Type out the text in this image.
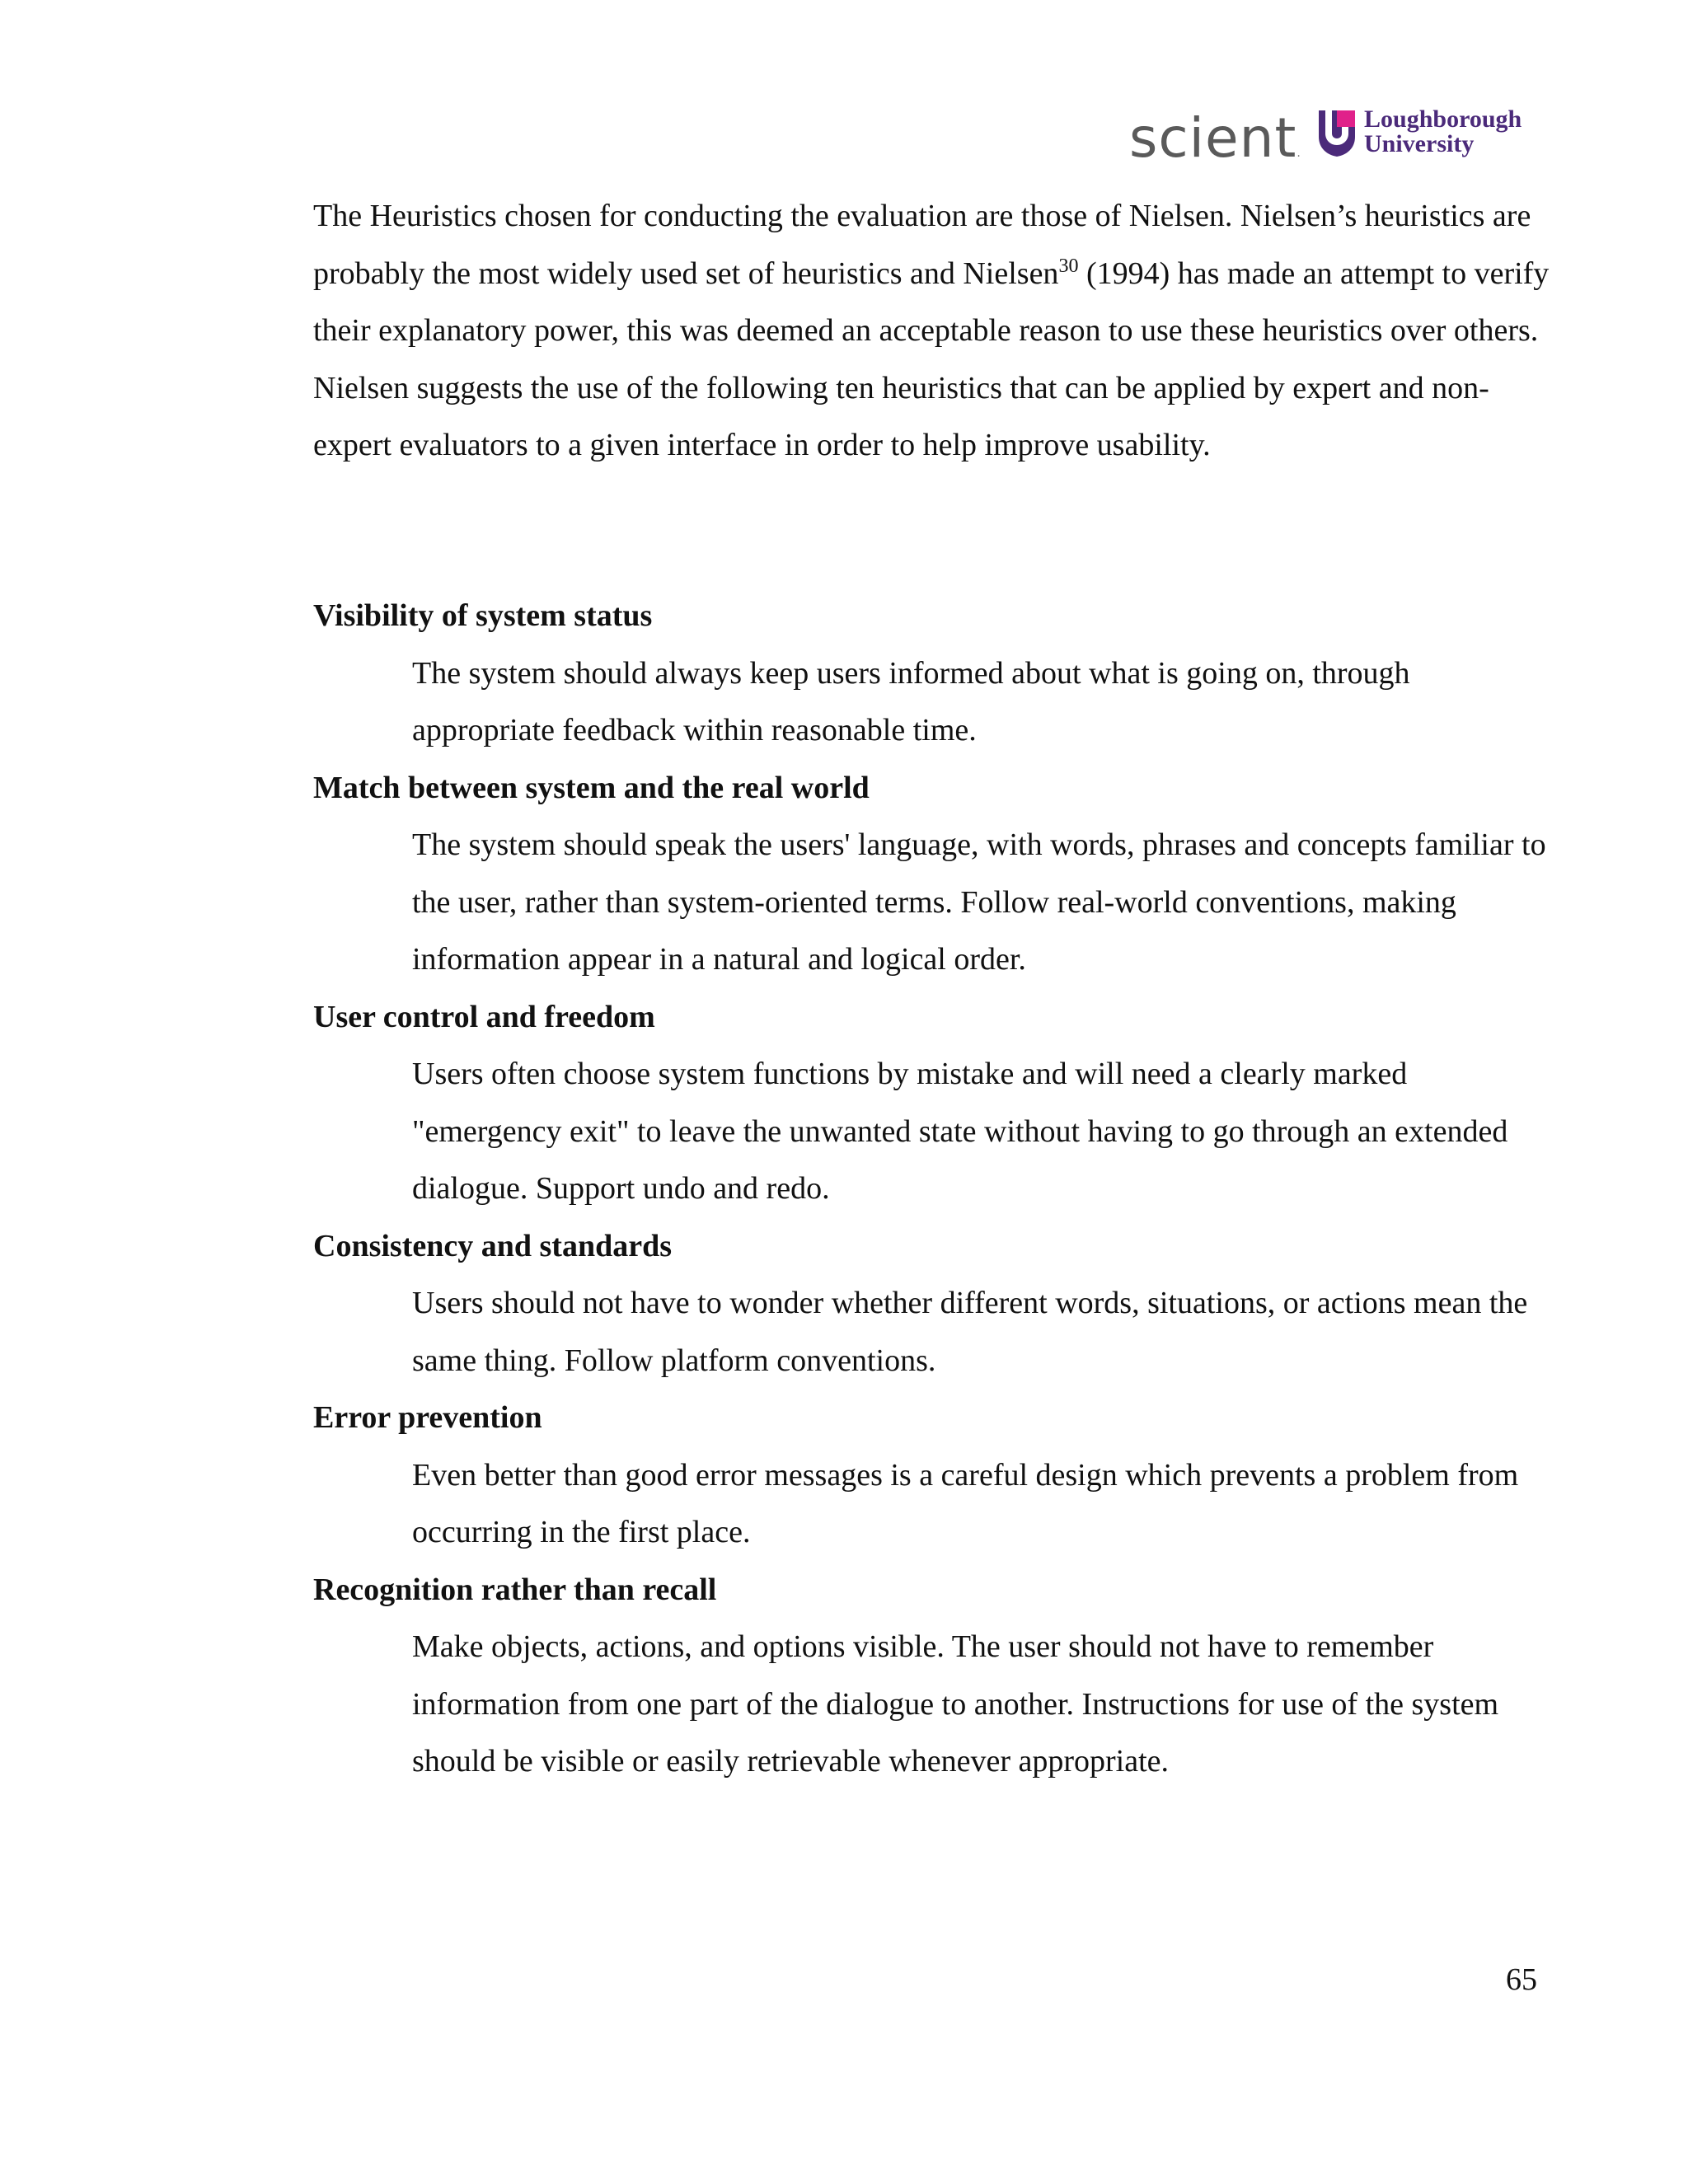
scient.
Loughborough
University

The Heuristics chosen for conducting the evaluation are those of Nielsen. Nielsen’s heuristics are probably the most widely used set of heuristics and Nielsen$^{30}$ (1994) has made an attempt to verify their explanatory power, this was deemed an acceptable reason to use these heuristics over others. Nielsen suggests the use of the following ten heuristics that can be applied by expert and non-expert evaluators to a given interface in order to help improve usability.

Visibility of system status

The system should always keep users informed about what is going on, through appropriate feedback within reasonable time.

Match between system and the real world

The system should speak the users' language, with words, phrases and concepts familiar to the user, rather than system-oriented terms. Follow real-world conventions, making information appear in a natural and logical order.

User control and freedom

Users often choose system functions by mistake and will need a clearly marked "emergency exit" to leave the unwanted state without having to go through an extended dialogue. Support undo and redo.

Consistency and standards

Users should not have to wonder whether different words, situations, or actions mean the same thing. Follow platform conventions.

Error prevention

Even better than good error messages is a careful design which prevents a problem from occurring in the first place.

Recognition rather than recall

Make objects, actions, and options visible. The user should not have to remember information from one part of the dialogue to another. Instructions for use of the system should be visible or easily retrievable whenever appropriate.

65
